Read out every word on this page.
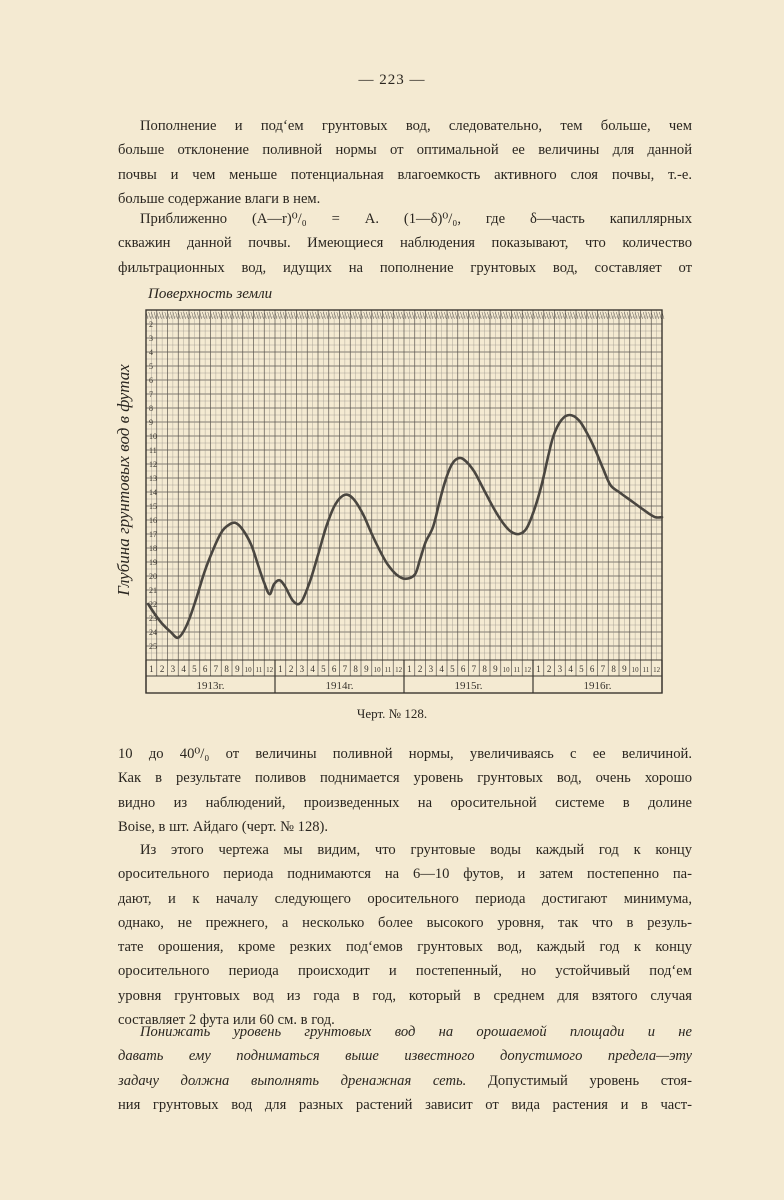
— 223 —

Пополнение и под‘ем грунтовых вод, следовательно, тем больше, чем
больше отклонение поливной нормы от оптимальной ее величины для данной
почвы и чем меньше потенциальная влагоемкость активного слоя почвы, т.-е.
больше содержание влаги в нем.

Приближенно (A—r)⁰/₀ = A. (1—δ)⁰/₀, где δ—часть капиллярных
скважин данной почвы. Имеющиеся наблюдения показывают, что количество
фильтрационных вод, идущих на пополнение грунтовых вод, составляет от

Поверхность земли
Глубина грунтовых вод в футах
2
3
4
5
6
7
8
9
10
11
12
13
14
15
16
17
18
19
20
21
22
23
24
25
1 2 3 4 5 6 7 8 9 10 11 12 1 2 3 4 5 6 7 8 9 10 11 12 1 2 3 4 5 6 7 8 9 10 11 12 1 2 3 4 5 6 7 8 9 10 11 12
1913г.	1914г.	1915г.	1916г.
Черт. № 128.

10 до 40⁰/₀ от величины поливной нормы, увеличиваясь с ее величиной.
Как в результате поливов поднимается уровень грунтовых вод, очень хорошо
видно из наблюдений, произведенных на оросительной системе в долине
Boise, в шт. Айдаго (черт. № 128).

Из этого чертежа мы видим, что грунтовые воды каждый год к концу
оросительного периода поднимаются на 6—10 футов, и затем постепенно па-
дают, и к началу следующего оросительного периода достигают минимума,
однако, не прежнего, а несколько более высокого уровня, так что в резуль-
тате орошения, кроме резких под‘емов грунтовых вод, каждый год к концу
оросительного периода происходит и постепенный, но устойчивый под‘ем
уровня грунтовых вод из года в год, который в среднем для взятого случая
составляет 2 фута или 60 см. в год.

Понижать уровень грунтовых вод на орошаемой площади и не
давать ему подниматься выше известного допустимого предела—эту
задачу должна выполнять дренажная сеть. Допустимый уровень стоя-
ния грунтовых вод для разных растений зависит от вида растения и в част-
